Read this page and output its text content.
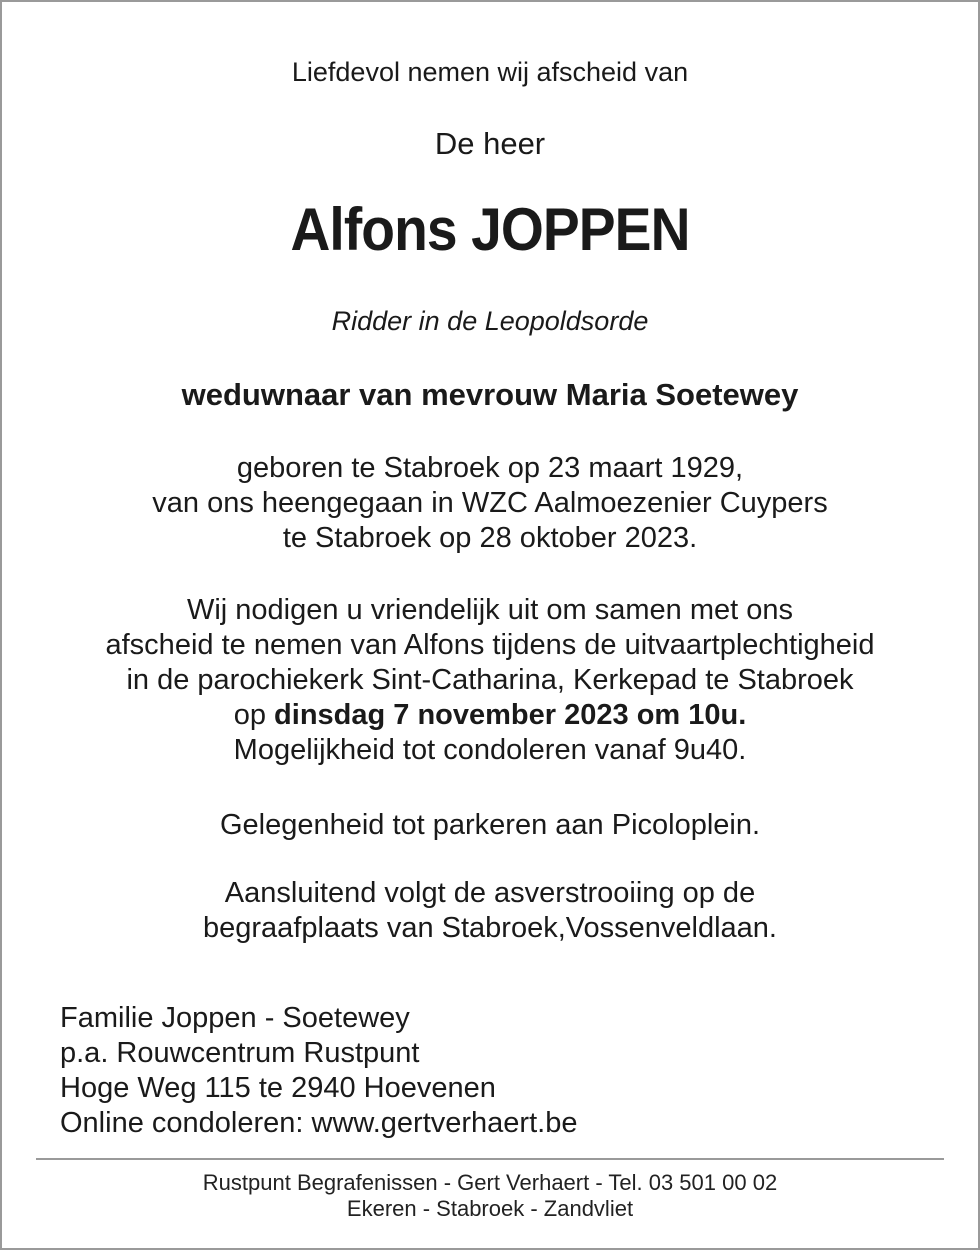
Liefdevol nemen wij afscheid van
De heer
Alfons JOPPEN
Ridder in de Leopoldsorde
weduwnaar van mevrouw Maria Soetewey
geboren te Stabroek op 23 maart 1929,
van ons heengegaan in WZC Aalmoezenier Cuypers
te Stabroek op 28 oktober 2023.
Wij nodigen u vriendelijk uit om samen met ons
afscheid te nemen van Alfons tijdens de uitvaartplechtigheid
in de parochiekerk Sint-Catharina, Kerkepad te Stabroek
op dinsdag 7 november 2023 om 10u.
Mogelijkheid tot condoleren vanaf 9u40.
Gelegenheid tot parkeren aan Picoloplein.
Aansluitend volgt de asverstrooiing op de
begraafplaats van Stabroek,Vossenveldlaan.
Familie Joppen - Soetewey
p.a. Rouwcentrum Rustpunt
Hoge Weg 115 te 2940 Hoevenen
Online condoleren: www.gertverhaert.be
Rustpunt Begrafenissen - Gert Verhaert - Tel. 03 501 00 02
Ekeren - Stabroek - Zandvliet
